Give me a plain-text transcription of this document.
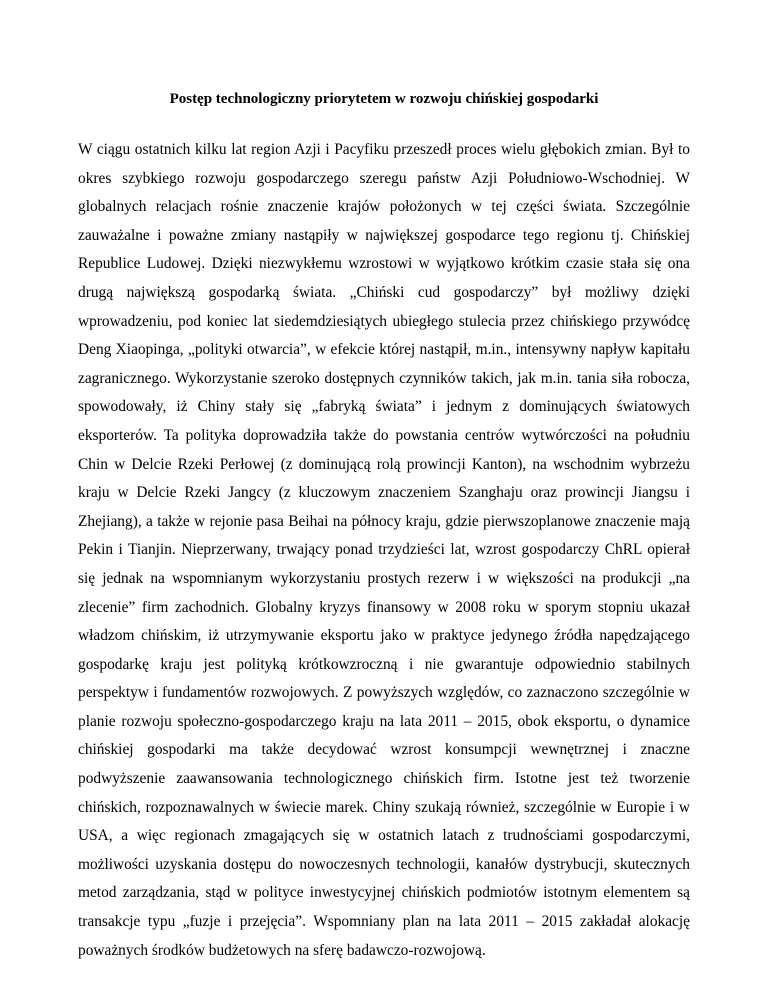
Postęp technologiczny priorytetem w rozwoju chińskiej gospodarki

W ciągu ostatnich kilku lat region Azji i Pacyfiku przeszedł proces wielu głębokich zmian. Był to okres szybkiego rozwoju gospodarczego szeregu państw Azji Południowo-Wschodniej. W globalnych relacjach rośnie znaczenie krajów położonych w tej części świata. Szczególnie zauważalne i poważne zmiany nastąpiły w największej gospodarce tego regionu tj. Chińskiej Republice Ludowej. Dzięki niezwykłemu wzrostowi w wyjątkowo krótkim czasie stała się ona drugą największą gospodarką świata. „Chiński cud gospodarczy” był możliwy dzięki wprowadzeniu, pod koniec lat siedemdziesiątych ubiegłego stulecia przez chińskiego przywódcę Deng Xiaopinga, „polityki otwarcia”, w efekcie której nastąpił, m.in., intensywny napływ kapitału zagranicznego. Wykorzystanie szeroko dostępnych czynników takich, jak m.in. tania siła robocza, spowodowały, iż Chiny stały się „fabryką świata” i jednym z dominujących światowych eksporterów. Ta polityka doprowadziła także do powstania centrów wytwórczości na południu Chin w Delcie Rzeki Perłowej (z dominującą rolą prowincji Kanton), na wschodnim wybrzeżu kraju w Delcie Rzeki Jangcy (z kluczowym znaczeniem Szanghaju oraz prowincji Jiangsu i Zhejiang), a także w rejonie pasa Beihai na północy kraju, gdzie pierwszoplanowe znaczenie mają Pekin i Tianjin. Nieprzerwany, trwający ponad trzydzieści lat, wzrost gospodarczy ChRL opierał się jednak na wspomnianym wykorzystaniu prostych rezerw i w większości na produkcji „na zlecenie” firm zachodnich. Globalny kryzys finansowy w 2008 roku w sporym stopniu ukazał władzom chińskim, iż utrzymywanie eksportu jako w praktyce jedynego źródła napędzającego gospodarkę kraju jest polityką krótkowzroczną i nie gwarantuje odpowiednio stabilnych perspektyw i fundamentów rozwojowych. Z powyższych względów, co zaznaczono szczególnie w planie rozwoju społeczno-gospodarczego kraju na lata 2011 – 2015, obok eksportu, o dynamice chińskiej gospodarki ma także decydować wzrost konsumpcji wewnętrznej i znaczne podwyższenie zaawansowania technologicznego chińskich firm. Istotne jest też tworzenie chińskich, rozpoznawalnych w świecie marek. Chiny szukają również, szczególnie w Europie i w USA, a więc regionach zmagających się w ostatnich latach z trudnościami gospodarczymi, możliwości uzyskania dostępu do nowoczesnych technologii, kanałów dystrybucji, skutecznych metod zarządzania, stąd w polityce inwestycyjnej chińskich podmiotów istotnym elementem są transakcje typu „fuzje i przejęcia”. Wspomniany plan na lata 2011 – 2015 zakładał alokację poważnych środków budżetowych na sferę badawczo-rozwojową.
